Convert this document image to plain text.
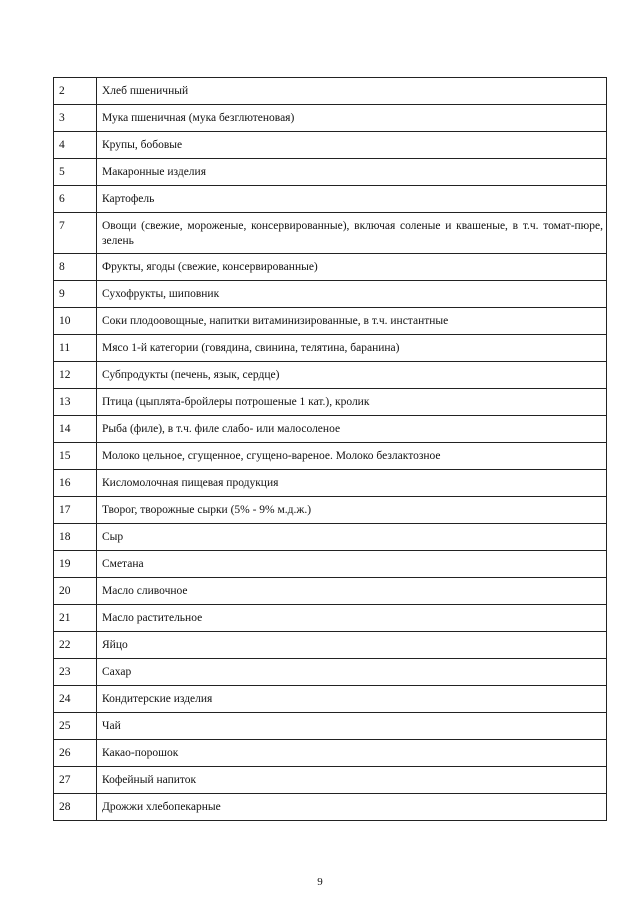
2	Хлеб пшеничный
3	Мука пшеничная (мука безглютеновая)
4	Крупы, бобовые
5	Макаронные изделия
6	Картофель
7	Овощи (свежие, мороженые, консервированные), включая соленые и квашеные, в т.ч. томат-пюре, зелень
8	Фрукты, ягоды (свежие, консервированные)
9	Сухофрукты, шиповник
10	Соки плодоовощные, напитки витаминизированные, в т.ч. инстантные
11	Мясо 1-й категории (говядина, свинина, телятина, баранина)
12	Субпродукты (печень, язык, сердце)
13	Птица (цыплята-бройлеры потрошеные 1 кат.), кролик
14	Рыба (филе), в т.ч. филе слабо- или малосоленое
15	Молоко цельное, сгущенное, сгущено-вареное. Молоко безлактозное
16	Кисломолочная пищевая продукция
17	Творог, творожные сырки (5% - 9% м.д.ж.)
18	Сыр
19	Сметана
20	Масло сливочное
21	Масло растительное
22	Яйцо
23	Сахар
24	Кондитерские изделия
25	Чай
26	Какао-порошок
27	Кофейный напиток
28	Дрожжи хлебопекарные
9
